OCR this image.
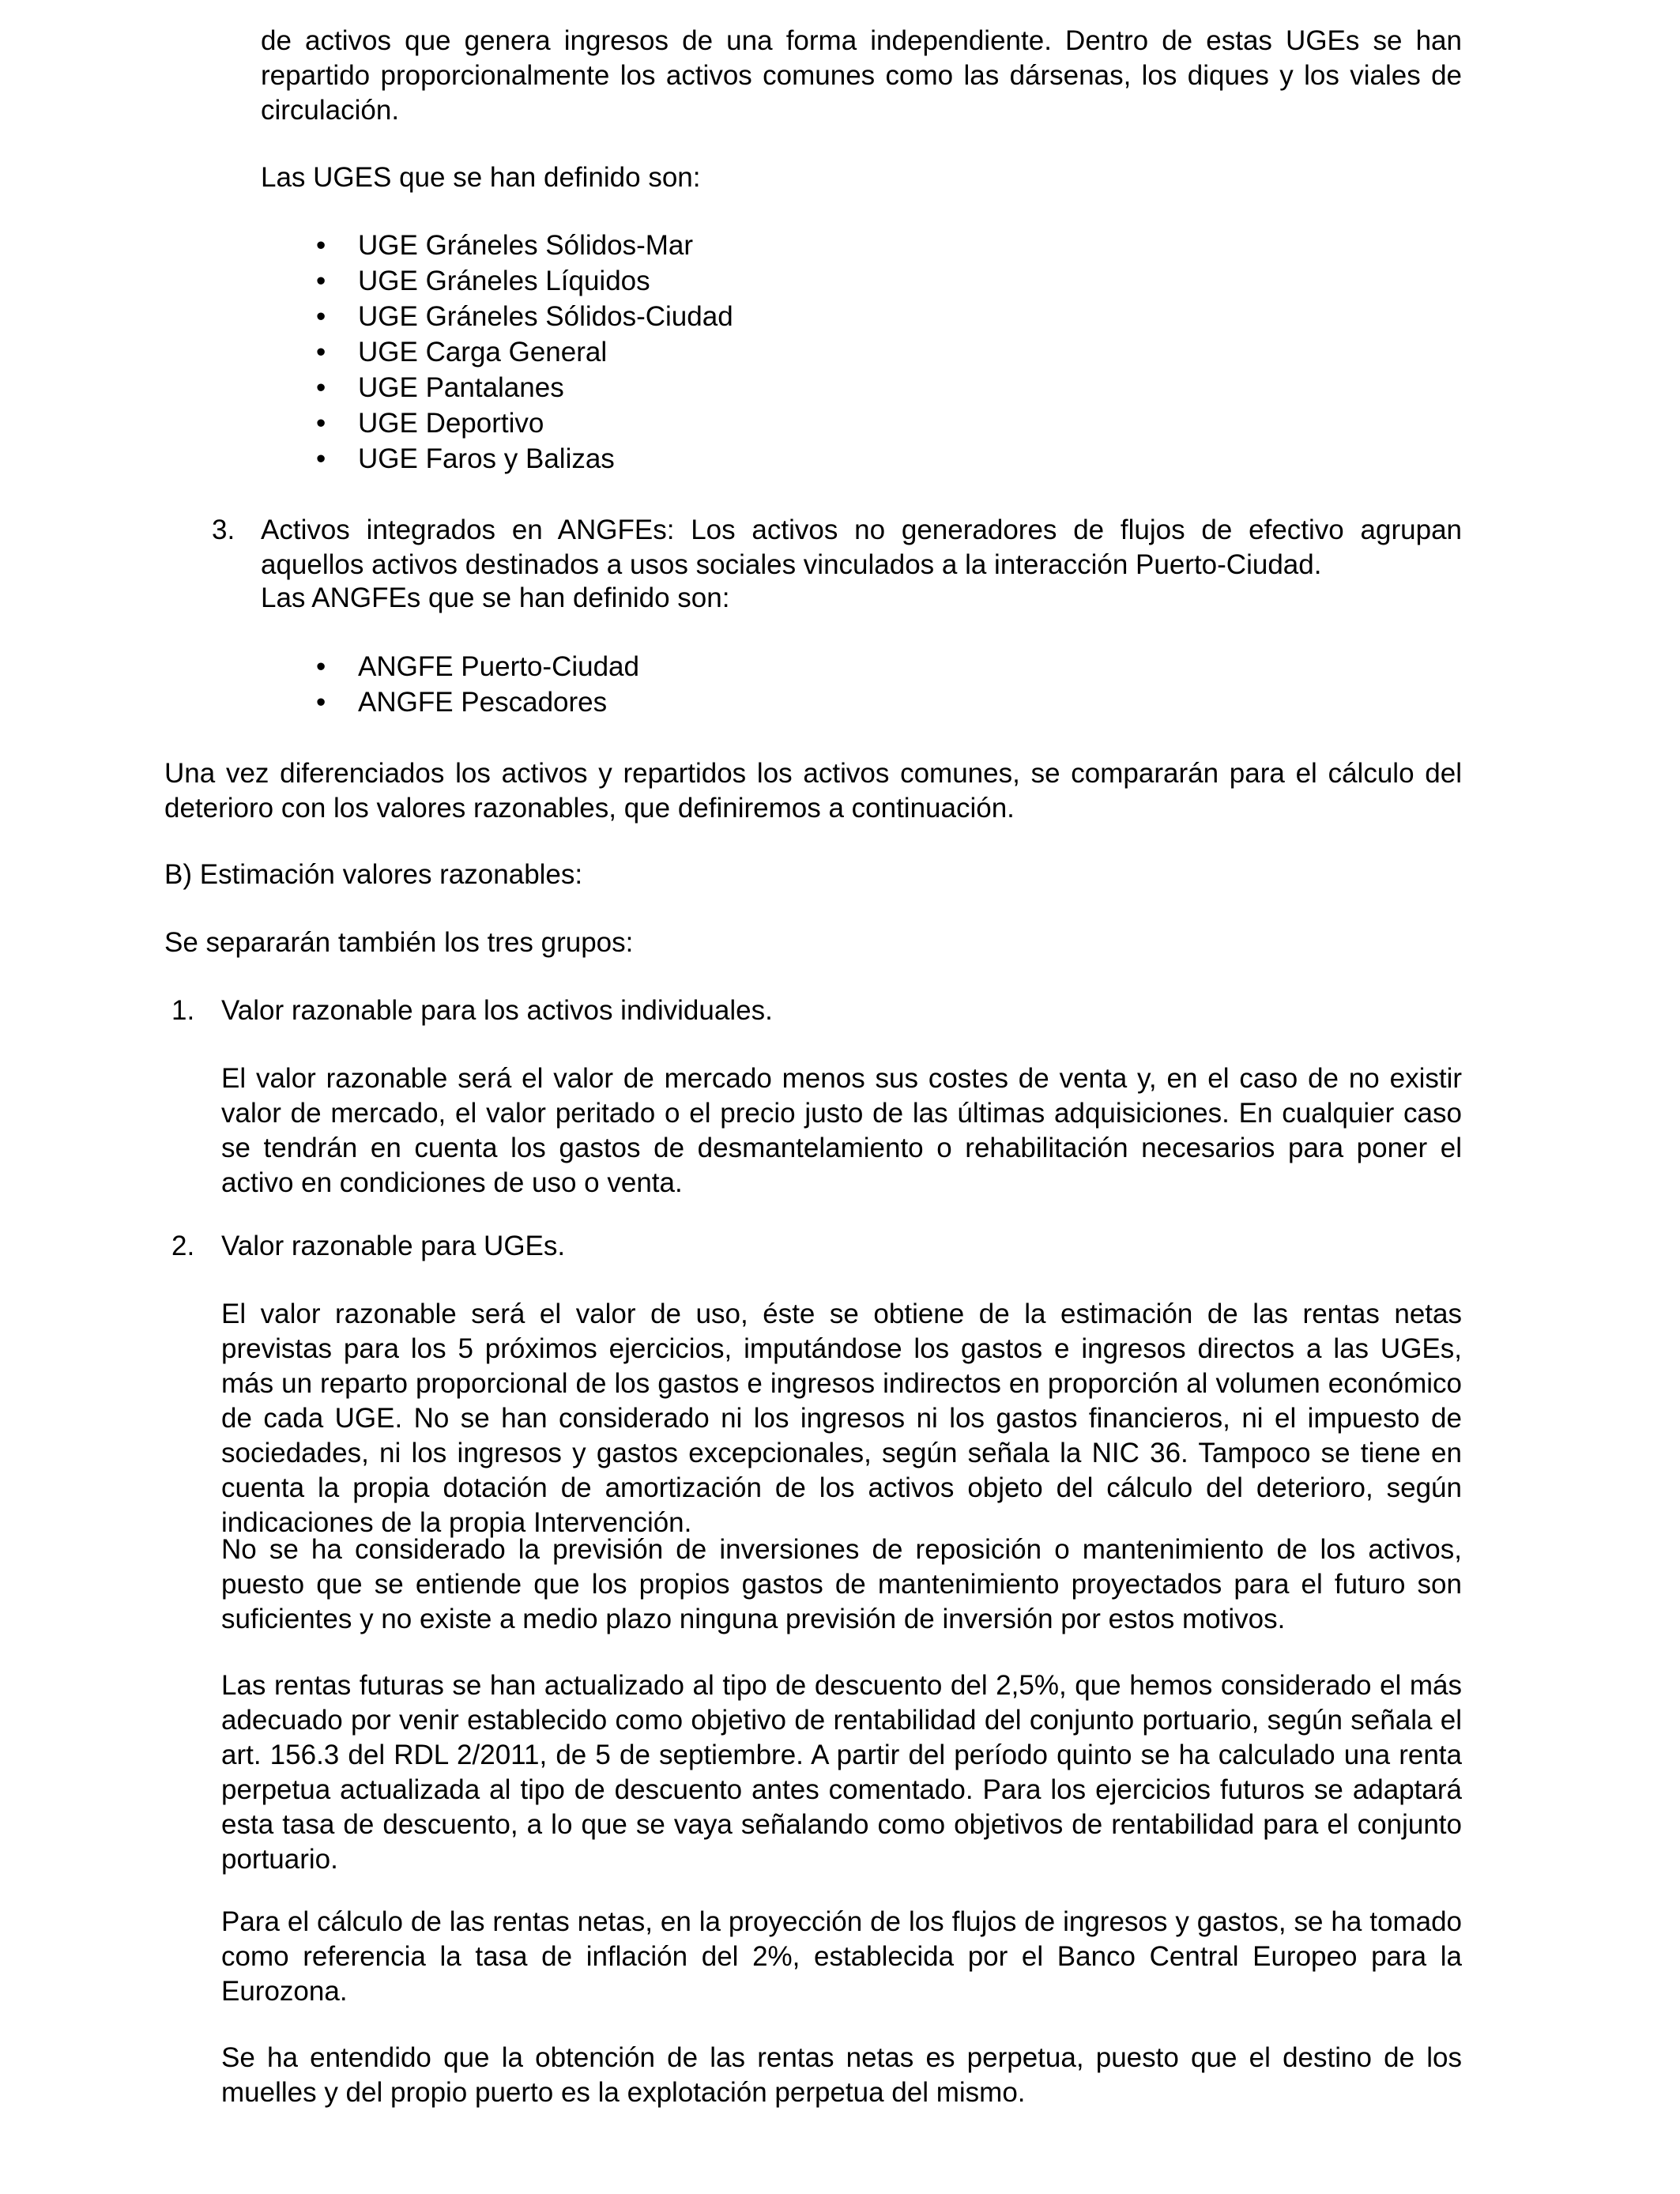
de activos que genera ingresos de una forma independiente. Dentro de estas UGEs se han repartido proporcionalmente los activos comunes como las dársenas, los diques y los viales de circulación.

Las UGES que se han definido son:

• UGE Gráneles Sólidos-Mar
• UGE Gráneles Líquidos
• UGE Gráneles Sólidos-Ciudad
• UGE Carga General
• UGE Pantalanes
• UGE Deportivo
• UGE Faros y Balizas
3. Activos integrados en ANGFEs: Los activos no generadores de flujos de efectivo agrupan aquellos activos destinados a usos sociales vinculados a la interacción Puerto-Ciudad.

Las ANGFEs que se han definido son:

• ANGFE Puerto-Ciudad
• ANGFE Pescadores

Una vez diferenciados los activos y repartidos los activos comunes, se compararán para el cálculo del deterioro con los valores razonables, que definiremos a continuación.

B) Estimación valores razonables:

Se separarán también los tres grupos:

1. Valor razonable para los activos individuales.

El valor razonable será el valor de mercado menos sus costes de venta y, en el caso de no existir valor de mercado, el valor peritado o el precio justo de las últimas adquisiciones. En cualquier caso se tendrán en cuenta los gastos de desmantelamiento o rehabilitación necesarios para poner el activo en condiciones de uso o venta.

2. Valor razonable para UGEs.

El valor razonable será el valor de uso, éste se obtiene de la estimación de las rentas netas previstas para los 5 próximos ejercicios, imputándose los gastos e ingresos directos a las UGEs, más un reparto proporcional de los gastos e ingresos indirectos en proporción al volumen económico de cada UGE. No se han considerado ni los ingresos ni los gastos financieros, ni el impuesto de sociedades, ni los ingresos y gastos excepcionales, según señala la NIC 36. Tampoco se tiene en cuenta la propia dotación de amortización de los activos objeto del cálculo del deterioro, según indicaciones de la propia Intervención.

No se ha considerado la previsión de inversiones de reposición o mantenimiento de los activos, puesto que se entiende que los propios gastos de mantenimiento proyectados para el futuro son suficientes y no existe a medio plazo ninguna previsión de inversión por estos motivos.

Las rentas futuras se han actualizado al tipo de descuento del 2,5%, que hemos considerado el más adecuado por venir establecido como objetivo de rentabilidad del conjunto portuario, según señala el art. 156.3 del RDL 2/2011, de 5 de septiembre. A partir del período quinto se ha calculado una renta perpetua actualizada al tipo de descuento antes comentado. Para los ejercicios futuros se adaptará esta tasa de descuento, a lo que se vaya señalando como objetivos de rentabilidad para el conjunto portuario.

Para el cálculo de las rentas netas, en la proyección de los flujos de ingresos y gastos, se ha tomado como referencia la tasa de inflación del 2%, establecida por el Banco Central Europeo para la Eurozona.

Se ha entendido que la obtención de las rentas netas es perpetua, puesto que el destino de los muelles y del propio puerto es la explotación perpetua del mismo.
